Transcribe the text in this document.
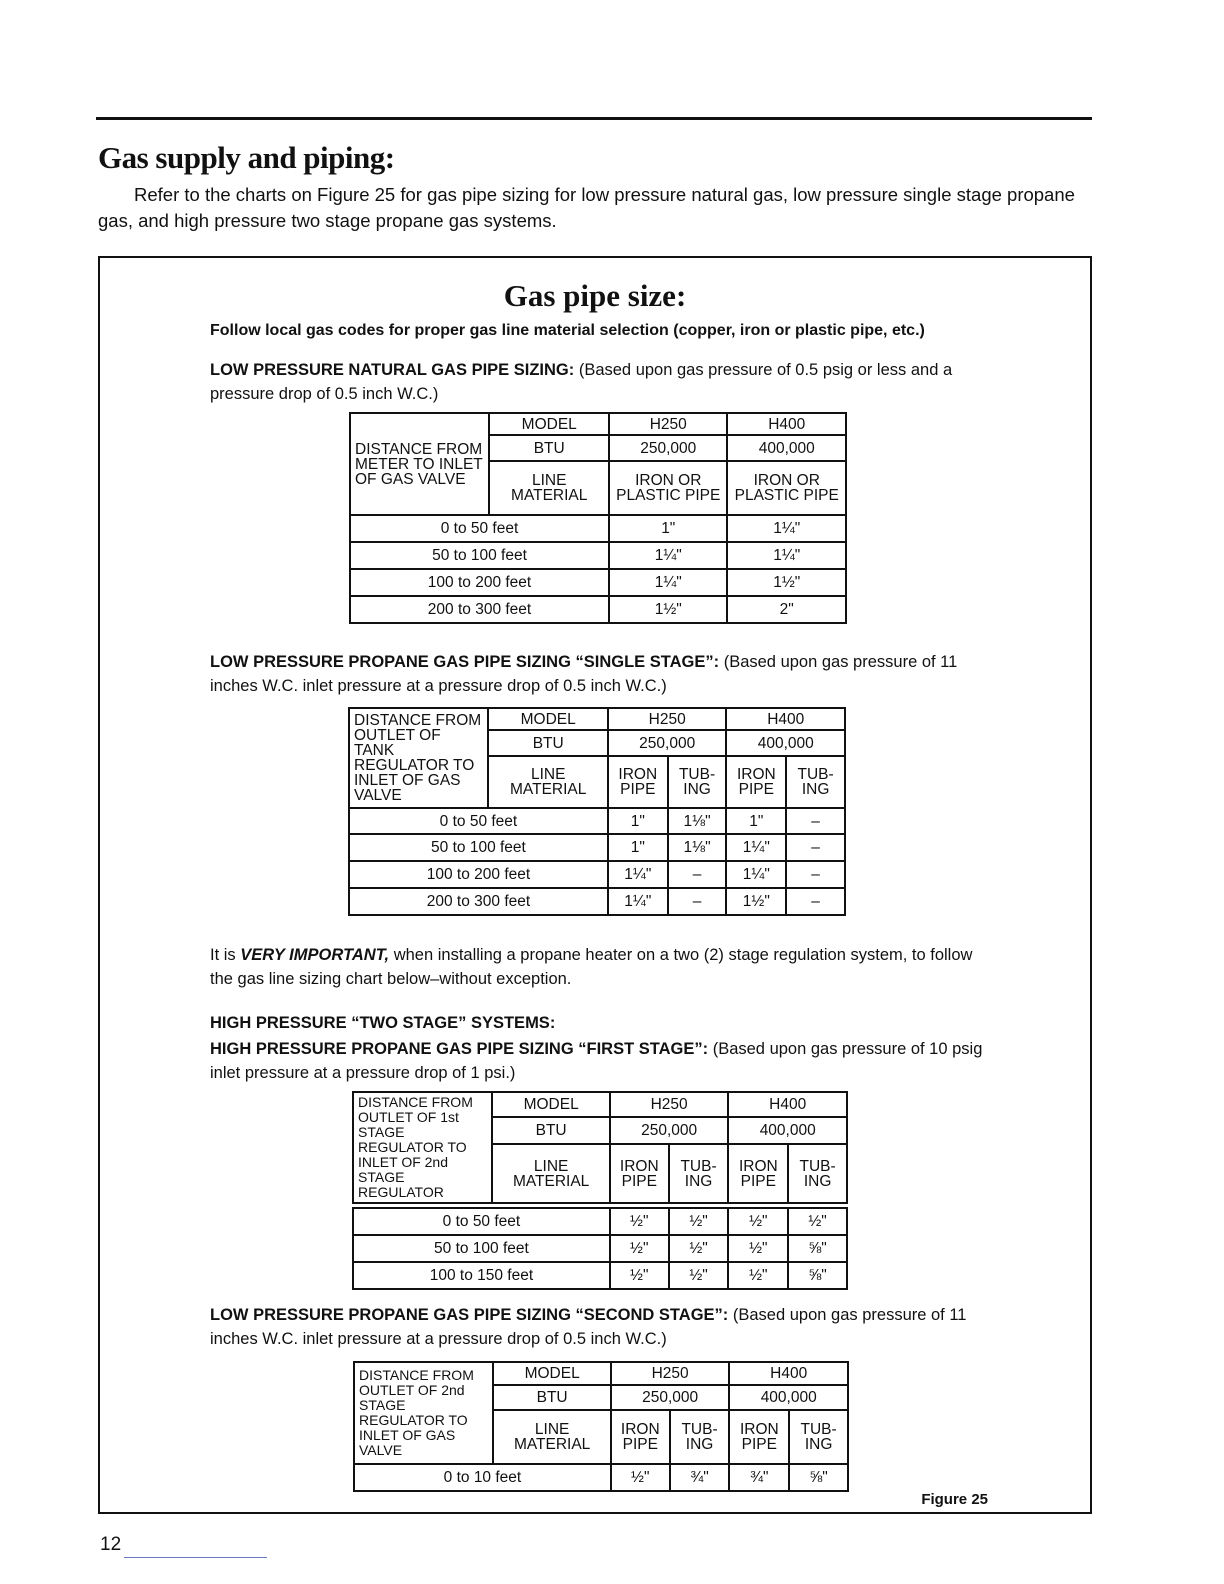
Gas supply and piping:

Refer to the charts on Figure 25 for gas pipe sizing for low pressure natural gas, low pressure single stage propane gas, and high pressure two stage propane gas systems.

Gas pipe size:

Follow local gas codes for proper gas line material selection (copper, iron or plastic pipe, etc.)

LOW PRESSURE NATURAL GAS PIPE SIZING: (Based upon gas pressure of 0.5 psig or less and a pressure drop of 0.5 inch W.C.)

DISTANCE FROM METER TO INLET OF GAS VALVE	MODEL	H250	H400
	BTU	250,000	400,000
	LINE MATERIAL	IRON OR PLASTIC PIPE	IRON OR PLASTIC PIPE
0 to 50 feet		1"	1¼"
50 to 100 feet		1¼"	1¼"
100 to 200 feet		1¼"	1½"
200 to 300 feet		1½"	2"

LOW PRESSURE PROPANE GAS PIPE SIZING “SINGLE STAGE”: (Based upon gas pressure of 11 inches W.C. inlet pressure at a pressure drop of 0.5 inch W.C.)

DISTANCE FROM OUTLET OF TANK REGULATOR TO INLET OF GAS VALVE	MODEL	H250		H400	
	BTU	250,000		400,000	
	LINE MATERIAL	IRON PIPE	TUB- ING	IRON PIPE	TUB- ING
0 to 50 feet		1"	1⅛"	1"	–
50 to 100 feet		1"	1⅛"	1¼"	–
100 to 200 feet		1¼"	–	1¼"	–
200 to 300 feet		1¼"	–	1½"	–

It is VERY IMPORTANT, when installing a propane heater on a two (2) stage regulation system, to follow the gas line sizing chart below–without exception.

HIGH PRESSURE “TWO STAGE” SYSTEMS:

HIGH PRESSURE PROPANE GAS PIPE SIZING “FIRST STAGE”: (Based upon gas pressure of 10 psig inlet pressure at a pressure drop of 1 psi.)

DISTANCE FROM OUTLET OF 1st STAGE REGULATOR TO INLET OF 2nd STAGE REGULATOR	MODEL	H250		H400	
	BTU	250,000		400,000	
	LINE MATERIAL	IRON PIPE	TUB- ING	IRON PIPE	TUB- ING

0 to 50 feet		½"	½"	½"	½"
50 to 100 feet		½"	½"	½"	⅝"
100 to 150 feet		½"	½"	½"	⅝"

LOW PRESSURE PROPANE GAS PIPE SIZING “SECOND STAGE”: (Based upon gas pressure of 11 inches W.C. inlet pressure at a pressure drop of 0.5 inch W.C.)

DISTANCE FROM OUTLET OF 2nd STAGE REGULATOR TO INLET OF GAS VALVE	MODEL	H250		H400	
	BTU	250,000		400,000	
	LINE MATERIAL	IRON PIPE	TUB- ING	IRON PIPE	TUB- ING
0 to 10 feet		½"	¾"	¾"	⅝"
Figure 25
12
